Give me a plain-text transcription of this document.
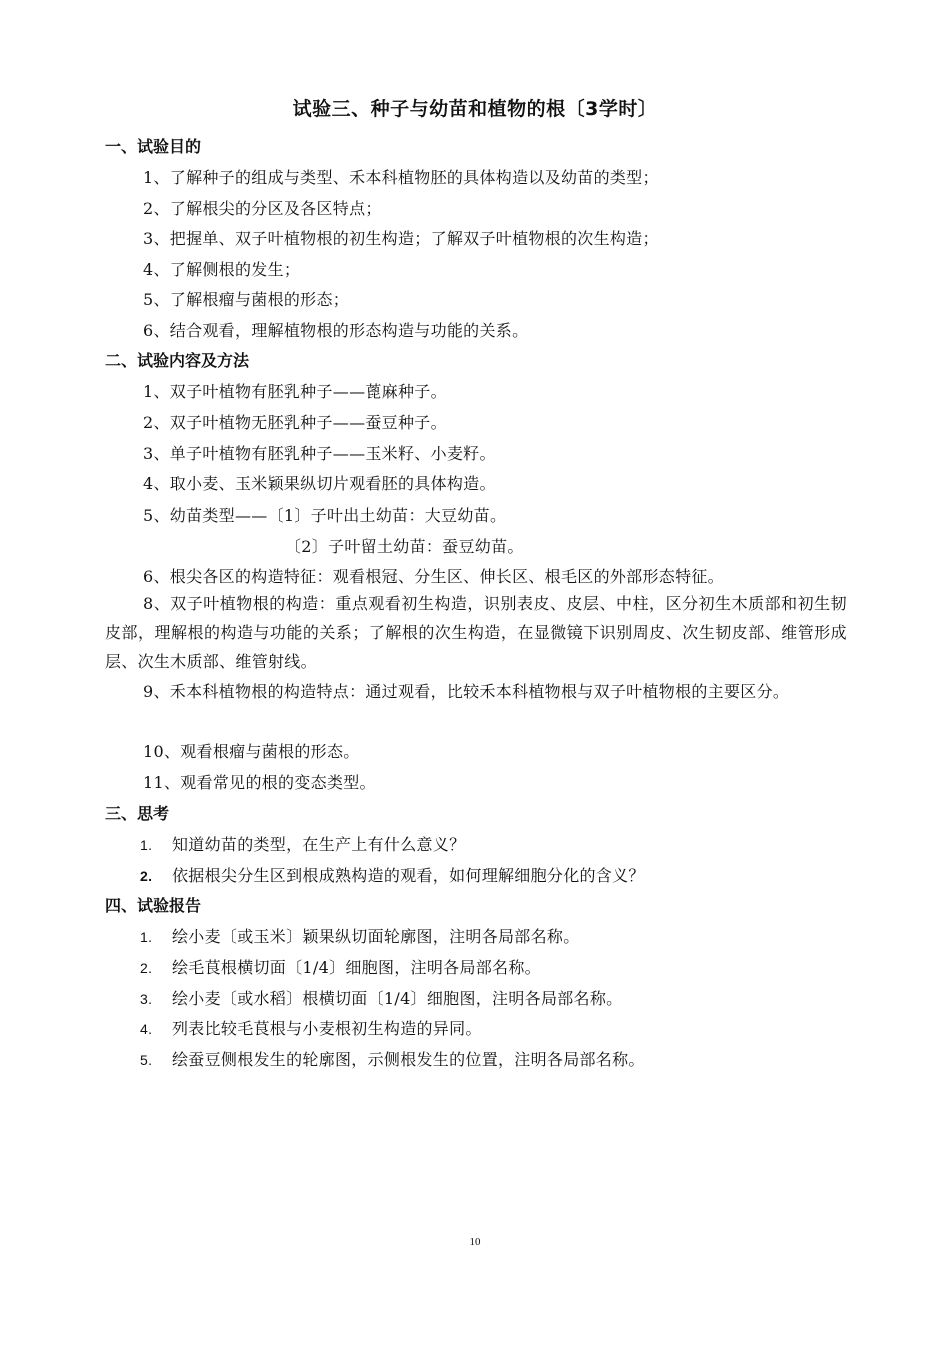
试验三、种子与幼苗和植物的根〔3学时〕
一、试验目的
1、了解种子的组成与类型、禾本科植物胚的具体构造以及幼苗的类型；
2、了解根尖的分区及各区特点；
3、把握单、双子叶植物根的初生构造；了解双子叶植物根的次生构造；
4、了解侧根的发生；
5、了解根瘤与菌根的形态；
6、结合观看，理解植物根的形态构造与功能的关系。
二、试验内容及方法
1、双子叶植物有胚乳种子——蓖麻种子。
2、双子叶植物无胚乳种子——蚕豆种子。
3、单子叶植物有胚乳种子——玉米籽、小麦籽。
4、取小麦、玉米颖果纵切片观看胚的具体构造。
5、幼苗类型——〔1〕子叶出土幼苗：大豆幼苗。
〔2〕子叶留土幼苗：蚕豆幼苗。
6、根尖各区的构造特征：观看根冠、分生区、伸长区、根毛区的外部形态特征。
8、双子叶植物根的构造：重点观看初生构造，识别表皮、皮层、中柱，区分初生木质部和初生韧皮部，理解根的构造与功能的关系；了解根的次生构造，在显微镜下识别周皮、次生韧皮部、维管形成层、次生木质部、维管射线。
9、禾本科植物根的构造特点：通过观看，比较禾本科植物根与双子叶植物根的主要区分。
10、观看根瘤与菌根的形态。
11、观看常见的根的变态类型。
三、思考
1. 知道幼苗的类型，在生产上有什么意义？
2. 依据根尖分生区到根成熟构造的观看，如何理解细胞分化的含义？
四、试验报告
1. 绘小麦〔或玉米〕颖果纵切面轮廓图，注明各局部名称。
2. 绘毛茛根横切面〔1/4〕细胞图，注明各局部名称。
3. 绘小麦〔或水稻〕根横切面〔1/4〕细胞图，注明各局部名称。
4. 列表比较毛茛根与小麦根初生构造的异同。
5. 绘蚕豆侧根发生的轮廓图，示侧根发生的位置，注明各局部名称。
10
